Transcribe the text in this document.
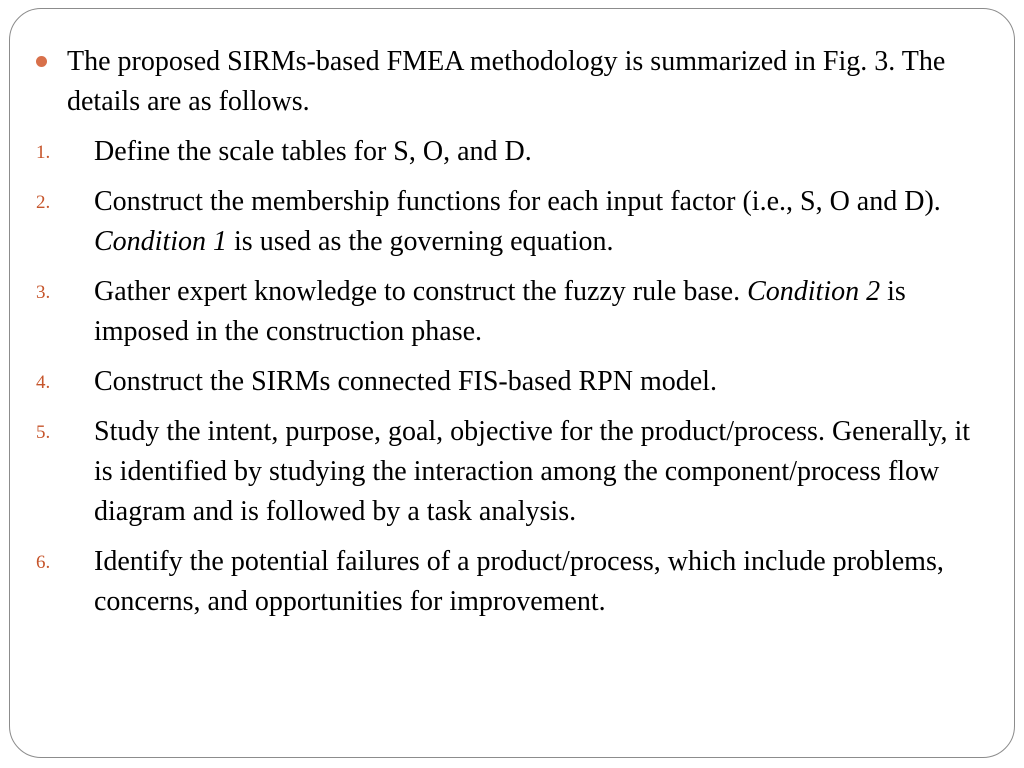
The proposed SIRMs-based FMEA methodology is summarized in Fig. 3. The details are as follows.

1. Define the scale tables for S, O, and D.
2. Construct the membership functions for each input factor (i.e., S, O and D). Condition 1 is used as the governing equation.
3. Gather expert knowledge to construct the fuzzy rule base. Condition 2 is imposed in the construction phase.
4. Construct the SIRMs connected FIS-based RPN model.
5. Study the intent, purpose, goal, objective for the product/process. Generally, it is identified by studying the interaction among the component/process flow diagram and is followed by a task analysis.
6. Identify the potential failures of a product/process, which include problems, concerns, and opportunities for improvement.
